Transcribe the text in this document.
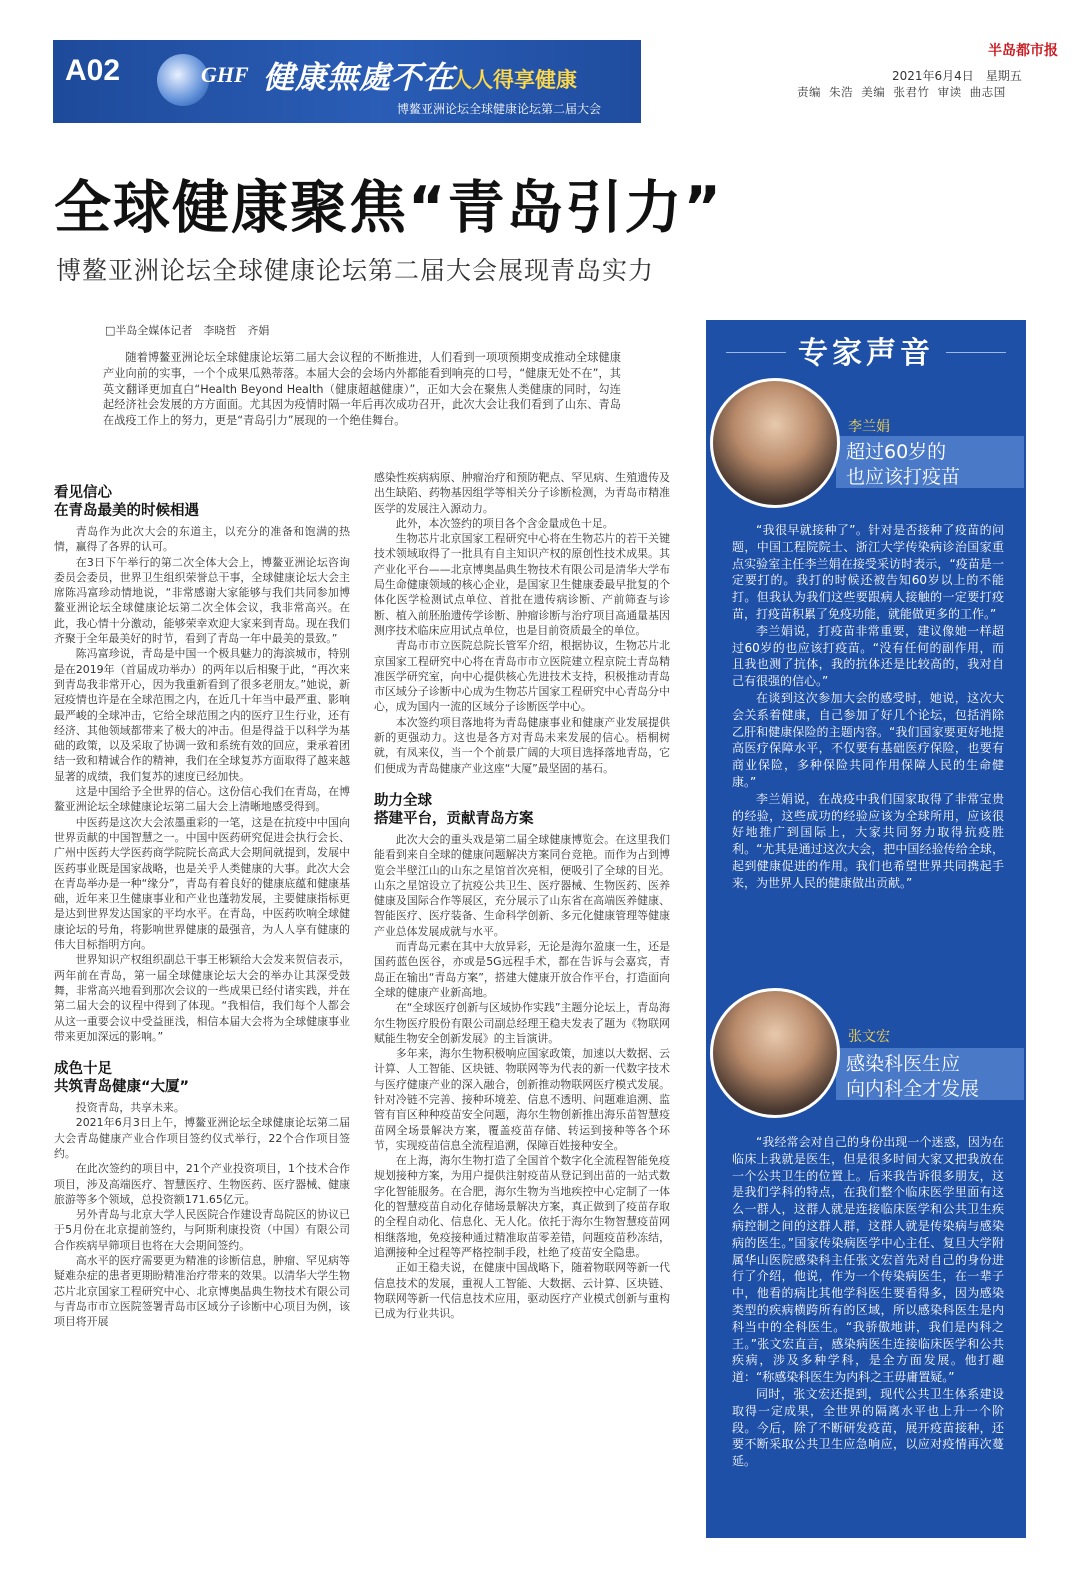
A02	GHF 健康無處不在
人人得享健康
博鳌亚洲论坛全球健康论坛第二届大会
半岛都市报
2021年6月4日　星期五
责编 朱浩 美编 张君竹 审读 曲志国
全球健康聚焦“青岛引力”
博鳌亚洲论坛全球健康论坛第二届大会展现青岛实力
□半岛全媒体记者　李晓哲　齐娟
随着博鳌亚洲论坛全球健康论坛第二届大会议程的不断推进，人们看到一项项预期变成推动全球健康产业向前的实事，一个个成果瓜熟蒂落。本届大会的会场内外都能看到响亮的口号，“健康无处不在”，其英文翻译更加直白“Health Beyond Health（健康超越健康）”，正如大会在聚焦人类健康的同时，勾连起经济社会发展的方方面面。尤其因为疫情时隔一年后再次成功召开，此次大会让我们看到了山东、青岛在战疫工作上的努力，更是“青岛引力”展现的一个绝佳舞台。
看见信心
在青岛最美的时候相遇

青岛作为此次大会的东道主，以充分的准备和饱满的热情，赢得了各界的认可。

在3日下午举行的第二次全体大会上，博鳌亚洲论坛咨询委员会委员，世界卫生组织荣誉总干事，全球健康论坛大会主席陈冯富珍动情地说，“非常感谢大家能够与我们共同参加博鳌亚洲论坛全球健康论坛第二次全体会议，我非常高兴。在此，我心情十分激动，能够荣幸欢迎大家来到青岛。现在我们齐聚于全年最美好的时节，看到了青岛一年中最美的景致。”

陈冯富珍说，青岛是中国一个极具魅力的海滨城市，特别是在2019年（首届成功举办）的两年以后相聚于此，“再次来到青岛我非常开心，因为我重新看到了很多老朋友。”她说，新冠疫情也许是在全球范围之内，在近几十年当中最严重、影响最严峻的全球冲击，它给全球范围之内的医疗卫生行业，还有经济、其他领域都带来了极大的冲击。但是得益于以科学为基础的政策，以及采取了协调一致和系统有效的回应，秉承着团结一致和精诚合作的精神，我们在全球复苏方面取得了越来越显著的成绩，我们复苏的速度已经加快。

这是中国给予全世界的信心。这份信心我们在青岛，在博鳌亚洲论坛全球健康论坛第二届大会上清晰地感受得到。

中医药是这次大会浓墨重彩的一笔，这是在抗疫中中国向世界贡献的中国智慧之一。中国中医药研究促进会执行会长、广州中医药大学医药商学院院长高武大会期间就提到，发展中医药事业既是国家战略，也是关乎人类健康的大事。此次大会在青岛举办是一种“缘分”，青岛有着良好的健康底蕴和健康基础，近年来卫生健康事业和产业也蓬勃发展，主要健康指标更是达到世界发达国家的平均水平。在青岛，中医药吹响全球健康论坛的号角，将影响世界健康的最强音，为人人享有健康的伟大目标指明方向。

世界知识产权组织副总干事王彬颖给大会发来贺信表示，两年前在青岛，第一届全球健康论坛大会的举办让其深受鼓舞，非常高兴地看到那次会议的一些成果已经付诸实践，并在第二届大会的议程中得到了体现。“我相信，我们每个人都会从这一重要会议中受益匪浅，相信本届大会将为全球健康事业带来更加深远的影响。”

成色十足
共筑青岛健康“大厦”

投资青岛，共享未来。

2021年6月3日上午，博鳌亚洲论坛全球健康论坛第二届大会青岛健康产业合作项目签约仪式举行，22个合作项目签约。

在此次签约的项目中，21个产业投资项目，1个技术合作项目，涉及高端医疗、智慧医疗、生物医药、医疗器械、健康旅游等多个领域，总投资额171.65亿元。

另外青岛与北京大学人民医院合作建设青岛院区的协议已于5月份在北京提前签约，与阿斯利康投资（中国）有限公司合作疾病早筛项目也将在大会期间签约。

高水平的医疗需要更为精准的诊断信息，肿瘤、罕见病等疑难杂症的患者更期盼精准治疗带来的效果。以清华大学生物芯片北京国家工程研究中心、北京博奥晶典生物技术有限公司与青岛市市立医院签署青岛市区域分子诊断中心项目为例，该项目将开展

感染性疾病病原、肿瘤治疗和预防靶点、罕见病、生殖遗传及出生缺陷、药物基因组学等相关分子诊断检测，为青岛市精准医学的发展注入源动力。

此外，本次签约的项目各个含金量成色十足。

生物芯片北京国家工程研究中心将在生物芯片的若干关键技术领域取得了一批具有自主知识产权的原创性技术成果。其产业化平台——北京博奥晶典生物技术有限公司是清华大学布局生命健康领域的核心企业，是国家卫生健康委最早批复的个体化医学检测试点单位、首批在遗传病诊断、产前筛查与诊断、植入前胚胎遗传学诊断、肿瘤诊断与治疗项目高通量基因测序技术临床应用试点单位，也是目前资质最全的单位。

青岛市市立医院总院长管军介绍，根据协议，生物芯片北京国家工程研究中心将在青岛市市立医院建立程京院士青岛精准医学研究室，向中心提供核心先进技术支持，积极推动青岛市区域分子诊断中心成为生物芯片国家工程研究中心青岛分中心，成为国内一流的区域分子诊断医学中心。

本次签约项目落地将为青岛健康事业和健康产业发展提供新的更强动力。这也是各方对青岛未来发展的信心。梧桐树就，有凤来仪，当一个个前景广阔的大项目选择落地青岛，它们便成为青岛健康产业这座“大厦”最坚固的基石。

助力全球
搭建平台，贡献青岛方案

此次大会的重头戏是第二届全球健康博览会。在这里我们能看到来自全球的健康问题解决方案同台竞艳。而作为占到博览会半壁江山的山东之星馆首次亮相，便吸引了全球的目光。山东之星馆设立了抗疫公共卫生、医疗器械、生物医药、医养健康及国际合作等展区，充分展示了山东省在高端医养健康、智能医疗、医疗装备、生命科学创新、多元化健康管理等健康产业总体发展成就与水平。

而青岛元素在其中大放异彩，无论是海尔盈康一生，还是国药蓝色医谷，亦或是5G远程手术，都在告诉与会嘉宾，青岛正在输出“青岛方案”，搭建大健康开放合作平台，打造面向全球的健康产业新高地。

在“全球医疗创新与区域协作实践”主题分论坛上，青岛海尔生物医疗股份有限公司副总经理王稳夫发表了题为《物联网赋能生物安全创新发展》的主旨演讲。

多年来，海尔生物积极响应国家政策，加速以大数据、云计算、人工智能、区块链、物联网等为代表的新一代数字技术与医疗健康产业的深入融合，创新推动物联网医疗模式发展。针对冷链不完善、接种环境差、信息不透明、问题难追溯、监管有盲区种种疫苗安全问题，海尔生物创新推出海乐苗智慧疫苗网全场景解决方案，覆盖疫苗存储、转运到接种等各个环节，实现疫苗信息全流程追溯，保障百姓接种安全。

在上海，海尔生物打造了全国首个数字化全流程智能免疫规划接种方案，为用户提供注射疫苗从登记到出苗的一站式数字化智能服务。在合肥，海尔生物为当地疾控中心定制了一体化的智慧疫苗自动化存储场景解决方案，真正做到了疫苗存取的全程自动化、信息化、无人化。依托于海尔生物智慧疫苗网相继落地，免疫接种通过精准取苗零差错，问题疫苗秒冻结，追溯接种全过程等严格控制手段，杜绝了疫苗安全隐患。

正如王稳夫说，在健康中国战略下，随着物联网等新一代信息技术的发展，重视人工智能、大数据、云计算、区块链、物联网等新一代信息技术应用，驱动医疗产业模式创新与重构已成为行业共识。

专家声音
李兰娟
超过60岁的
也应该打疫苗

“我很早就接种了”。针对是否接种了疫苗的问题，中国工程院院士、浙江大学传染病诊治国家重点实验室主任李兰娟在接受采访时表示，“疫苗是一定要打的。我打的时候还被告知60岁以上的不能打。但我认为我们这些要跟病人接触的一定要打疫苗，打疫苗积累了免疫功能，就能做更多的工作。”

李兰娟说，打疫苗非常重要，建议像她一样超过60岁的也应该打疫苗。“没有任何的副作用，而且我也测了抗体，我的抗体还是比较高的，我对自己有很强的信心。”

在谈到这次参加大会的感受时，她说，这次大会关系着健康，自己参加了好几个论坛，包括消除乙肝和健康保险的主题内容。“我们国家要更好地提高医疗保障水平，不仅要有基础医疗保险，也要有商业保险，多种保险共同作用保障人民的生命健康。”

李兰娟说，在战疫中我们国家取得了非常宝贵的经验，这些成功的经验应该为全球所用，应该很好地推广到国际上，大家共同努力取得抗疫胜利。“尤其是通过这次大会，把中国经验传给全球，起到健康促进的作用。我们也希望世界共同携起手来，为世界人民的健康做出贡献。”

张文宏
感染科医生应
向内科全才发展

“我经常会对自己的身份出现一个迷惑，因为在临床上我就是医生，但是很多时间大家又把我放在一个公共卫生的位置上。后来我告诉很多朋友，这是我们学科的特点，在我们整个临床医学里面有这么一群人，这群人就是连接临床医学和公共卫生疾病控制之间的这群人群，这群人就是传染病与感染病的医生。”国家传染病医学中心主任、复旦大学附属华山医院感染科主任张文宏首先对自己的身份进行了介绍，他说，作为一个传染病医生，在一辈子中，他看的病比其他学科医生要看得多，因为感染类型的疾病横跨所有的区域，所以感染科医生是内科当中的全科医生。“我骄傲地讲，我们是内科之王。”张文宏直言，感染病医生连接临床医学和公共疾病，涉及多种学科，是全方面发展。他打趣道：“称感染科医生为内科之王毋庸置疑。”

同时，张文宏还提到，现代公共卫生体系建设取得一定成果，全世界的隔离水平也上升一个阶段。今后，除了不断研发疫苗，展开疫苗接种，还要不断采取公共卫生应急响应，以应对疫情再次蔓延。
